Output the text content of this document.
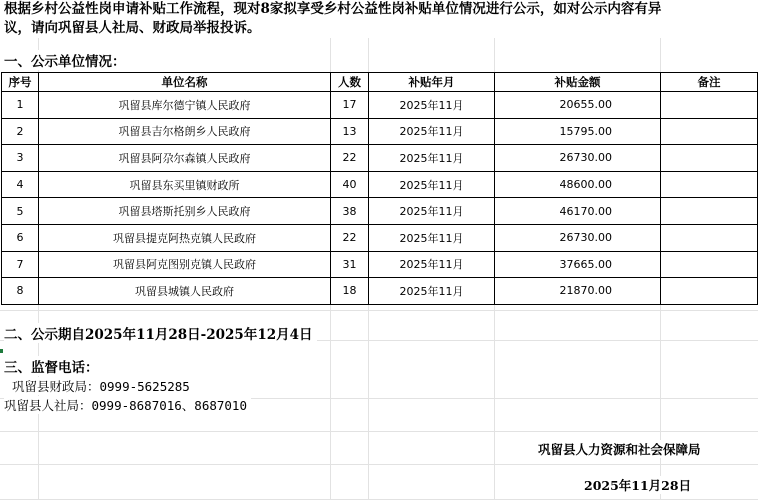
根据乡村公益性岗申请补贴工作流程，现对8家拟享受乡村公益性岗补贴单位情况进行公示，如对公示内容有异
议，请向巩留县人社局、财政局举报投诉。
一、公示单位情况：
序号	单位名称	人数	补贴年月	补贴金额	备注
1	巩留县库尔德宁镇人民政府	17	2025年11月	20655.00	
2	巩留县吉尔格朗乡人民政府	13	2025年11月	15795.00	
3	巩留县阿尕尔森镇人民政府	22	2025年11月	26730.00	
4	巩留县东买里镇财政所	40	2025年11月	48600.00	
5	巩留县塔斯托别乡人民政府	38	2025年11月	46170.00	
6	巩留县提克阿热克镇人民政府	22	2025年11月	26730.00	
7	巩留县阿克图别克镇人民政府	31	2025年11月	37665.00	
8	巩留县城镇人民政府	18	2025年11月	21870.00	
二、公示期自2025年11月28日-2025年12月4日
三、监督电话：
巩留县财政局：0999-5625285
巩留县人社局：0999-8687016、8687010
巩留县人力资源和社会保障局
2025年11月28日
